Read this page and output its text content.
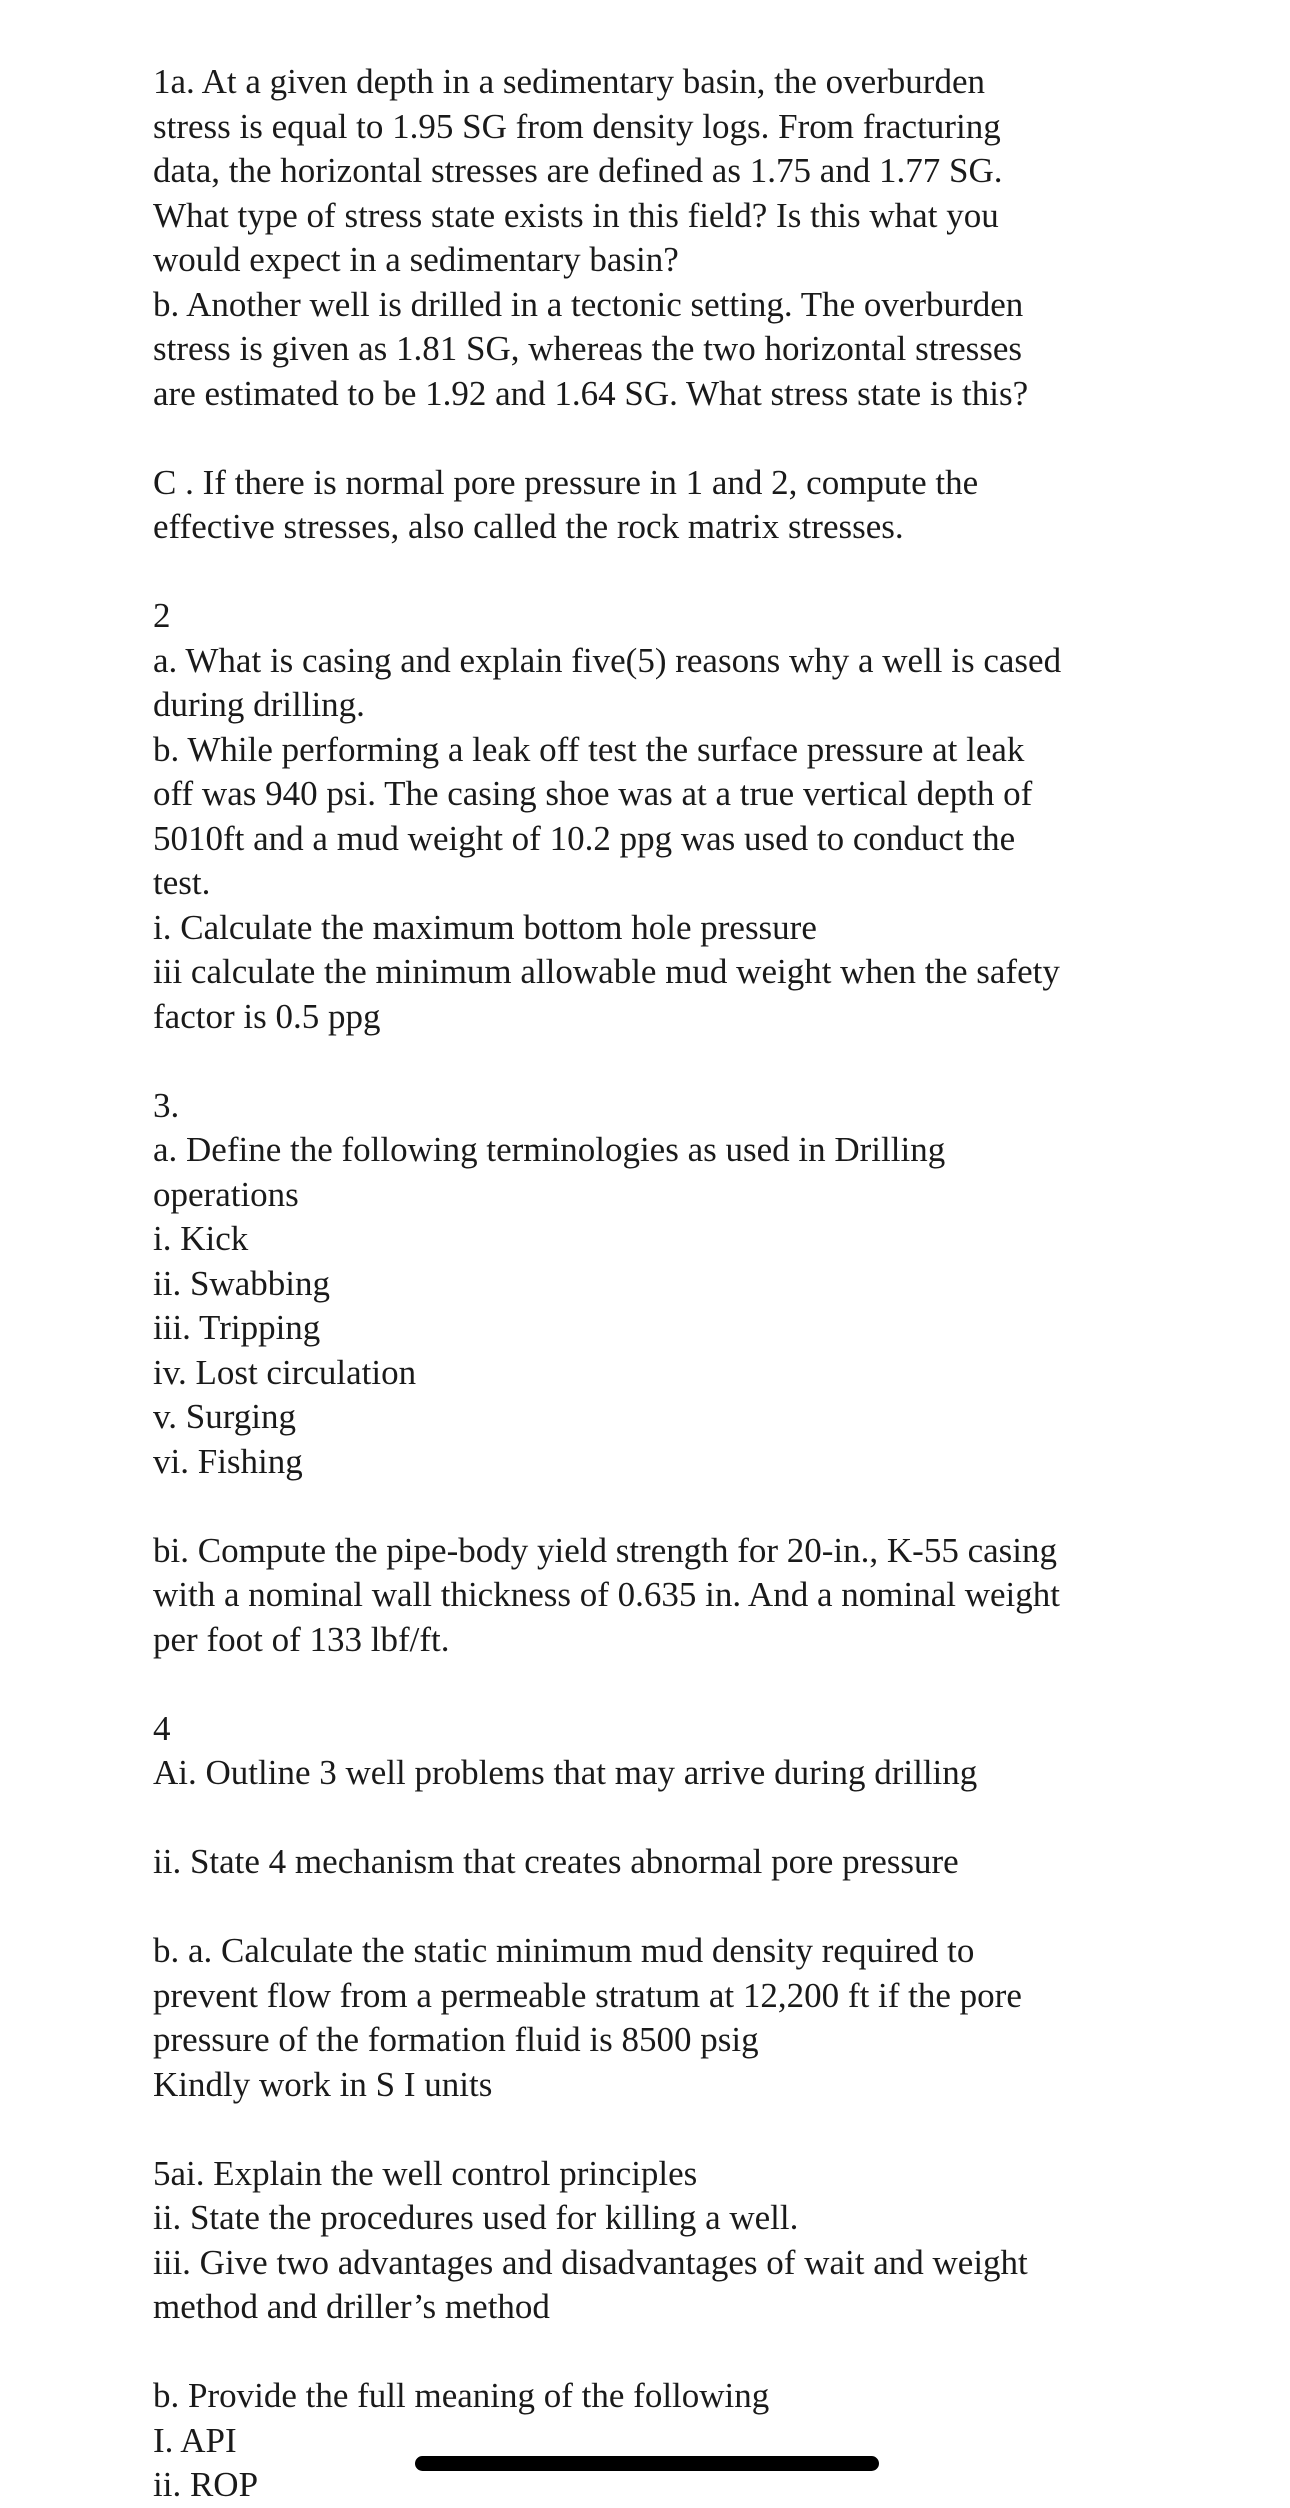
1a. At a given depth in a sedimentary basin, the overburden
stress is equal to 1.95 SG from density logs. From fracturing
data, the horizontal stresses are defined as 1.75 and 1.77 SG.
What type of stress state exists in this field? Is this what you
would expect in a sedimentary basin?
b. Another well is drilled in a tectonic setting. The overburden
stress is given as 1.81 SG, whereas the two horizontal stresses
are estimated to be 1.92 and 1.64 SG. What stress state is this?
C . If there is normal pore pressure in 1 and 2, compute the
effective stresses, also called the rock matrix stresses.
2
a. What is casing and explain five(5) reasons why a well is cased
during drilling.
b. While performing a leak off test the surface pressure at leak
off was 940 psi. The casing shoe was at a true vertical depth of
5010ft and a mud weight of 10.2 ppg was used to conduct the
test.
i. Calculate the maximum bottom hole pressure
iii calculate the minimum allowable mud weight when the safety
factor is 0.5 ppg
3.
a. Define the following terminologies as used in Drilling
operations
i. Kick
ii. Swabbing
iii. Tripping
iv. Lost circulation
v. Surging
vi. Fishing
bi. Compute the pipe-body yield strength for 20-in., K-55 casing
with a nominal wall thickness of 0.635 in. And a nominal weight
per foot of 133 lbf/ft.
4
Ai. Outline 3 well problems that may arrive during drilling
ii. State 4 mechanism that creates abnormal pore pressure
b. a. Calculate the static minimum mud density required to
prevent flow from a permeable stratum at 12,200 ft if the pore
pressure of the formation fluid is 8500 psig
Kindly work in S I units
5ai. Explain the well control principles
ii. State the procedures used for killing a well.
iii. Give two advantages and disadvantages of wait and weight
method and driller’s method
b. Provide the full meaning of the following
I. API
ii. ROP
